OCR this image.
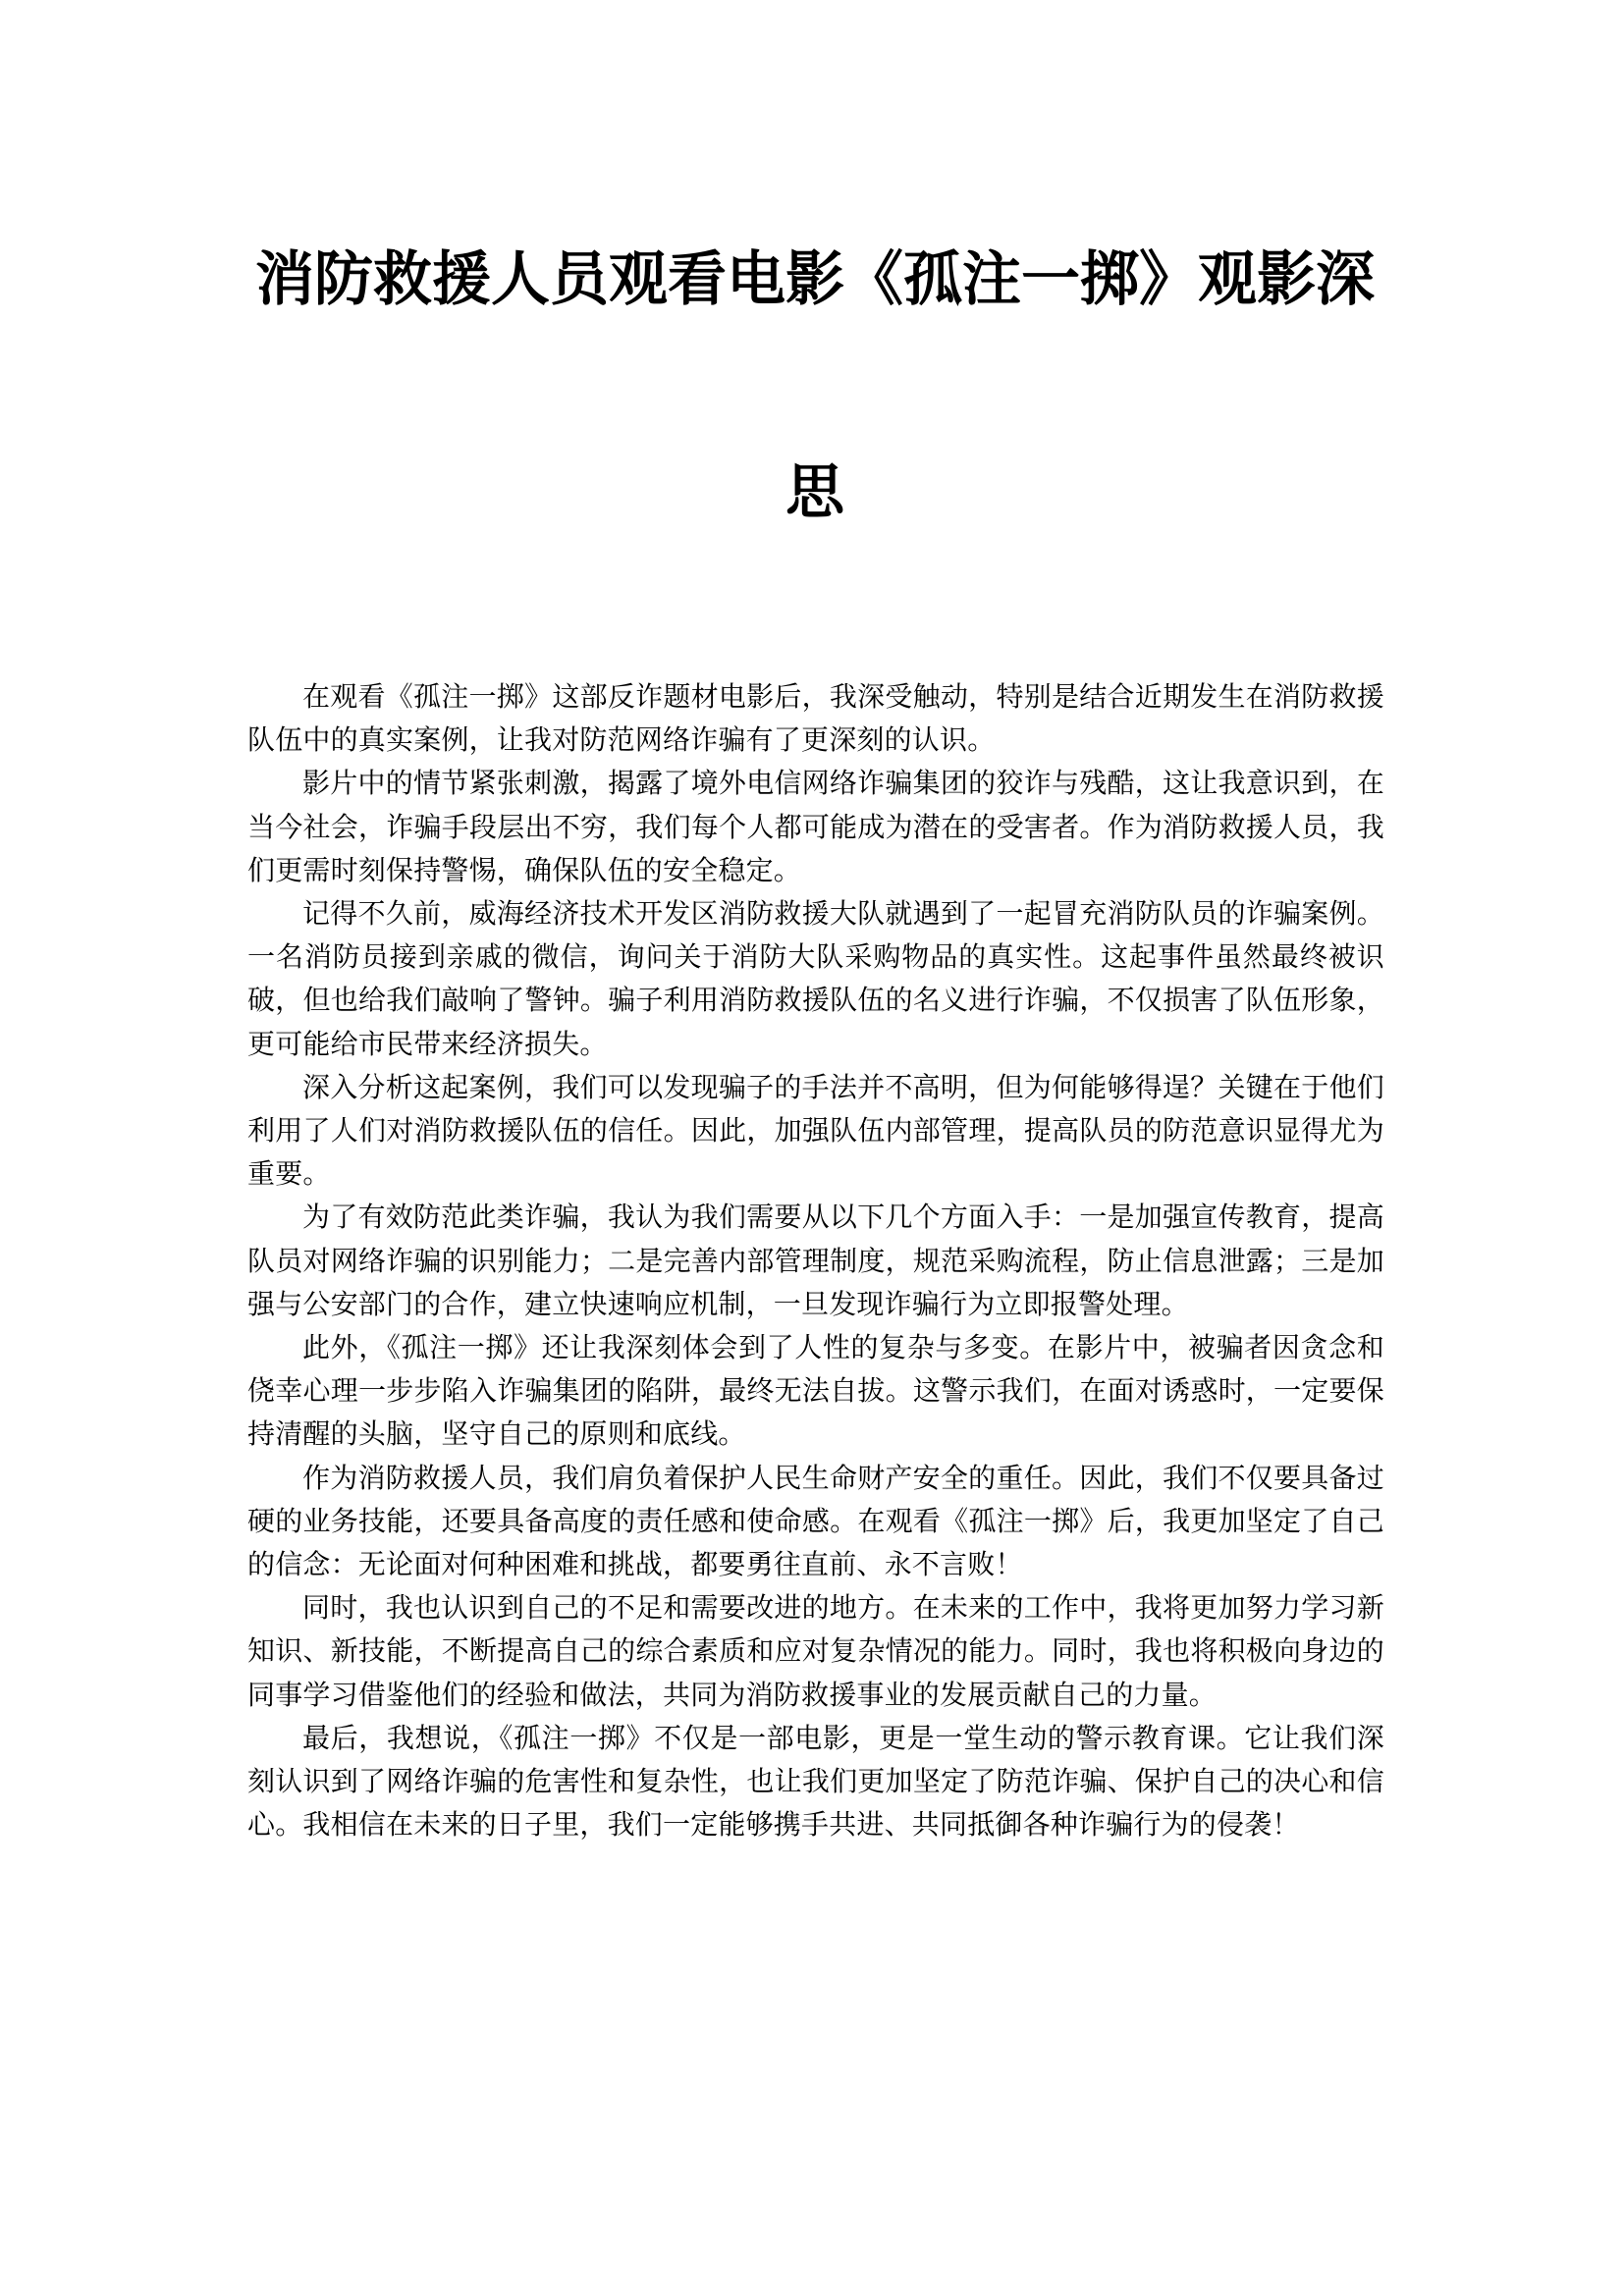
消防救援人员观看电影《孤注一掷》观影深
思

在观看《孤注一掷》这部反诈题材电影后，我深受触动，特别是结合近期发生在消防救援队伍中的真实案例，让我对防范网络诈骗有了更深刻的认识。

影片中的情节紧张刺激，揭露了境外电信网络诈骗集团的狡诈与残酷，这让我意识到，在当今社会，诈骗手段层出不穷，我们每个人都可能成为潜在的受害者。作为消防救援人员，我们更需时刻保持警惕，确保队伍的安全稳定。

记得不久前，威海经济技术开发区消防救援大队就遇到了一起冒充消防队员的诈骗案例。一名消防员接到亲戚的微信，询问关于消防大队采购物品的真实性。这起事件虽然最终被识破，但也给我们敲响了警钟。骗子利用消防救援队伍的名义进行诈骗，不仅损害了队伍形象，更可能给市民带来经济损失。

深入分析这起案例，我们可以发现骗子的手法并不高明，但为何能够得逞？关键在于他们利用了人们对消防救援队伍的信任。因此，加强队伍内部管理，提高队员的防范意识显得尤为重要。

为了有效防范此类诈骗，我认为我们需要从以下几个方面入手：一是加强宣传教育，提高队员对网络诈骗的识别能力；二是完善内部管理制度，规范采购流程，防止信息泄露；三是加强与公安部门的合作，建立快速响应机制，一旦发现诈骗行为立即报警处理。

此外，《孤注一掷》还让我深刻体会到了人性的复杂与多变。在影片中，被骗者因贪念和侥幸心理一步步陷入诈骗集团的陷阱，最终无法自拔。这警示我们，在面对诱惑时，一定要保持清醒的头脑，坚守自己的原则和底线。

作为消防救援人员，我们肩负着保护人民生命财产安全的重任。因此，我们不仅要具备过硬的业务技能，还要具备高度的责任感和使命感。在观看《孤注一掷》后，我更加坚定了自己的信念：无论面对何种困难和挑战，都要勇往直前、永不言败！

同时，我也认识到自己的不足和需要改进的地方。在未来的工作中，我将更加努力学习新知识、新技能，不断提高自己的综合素质和应对复杂情况的能力。同时，我也将积极向身边的同事学习借鉴他们的经验和做法，共同为消防救援事业的发展贡献自己的力量。

最后，我想说，《孤注一掷》不仅是一部电影，更是一堂生动的警示教育课。它让我们深刻认识到了网络诈骗的危害性和复杂性，也让我们更加坚定了防范诈骗、保护自己的决心和信心。我相信在未来的日子里，我们一定能够携手共进、共同抵御各种诈骗行为的侵袭！
